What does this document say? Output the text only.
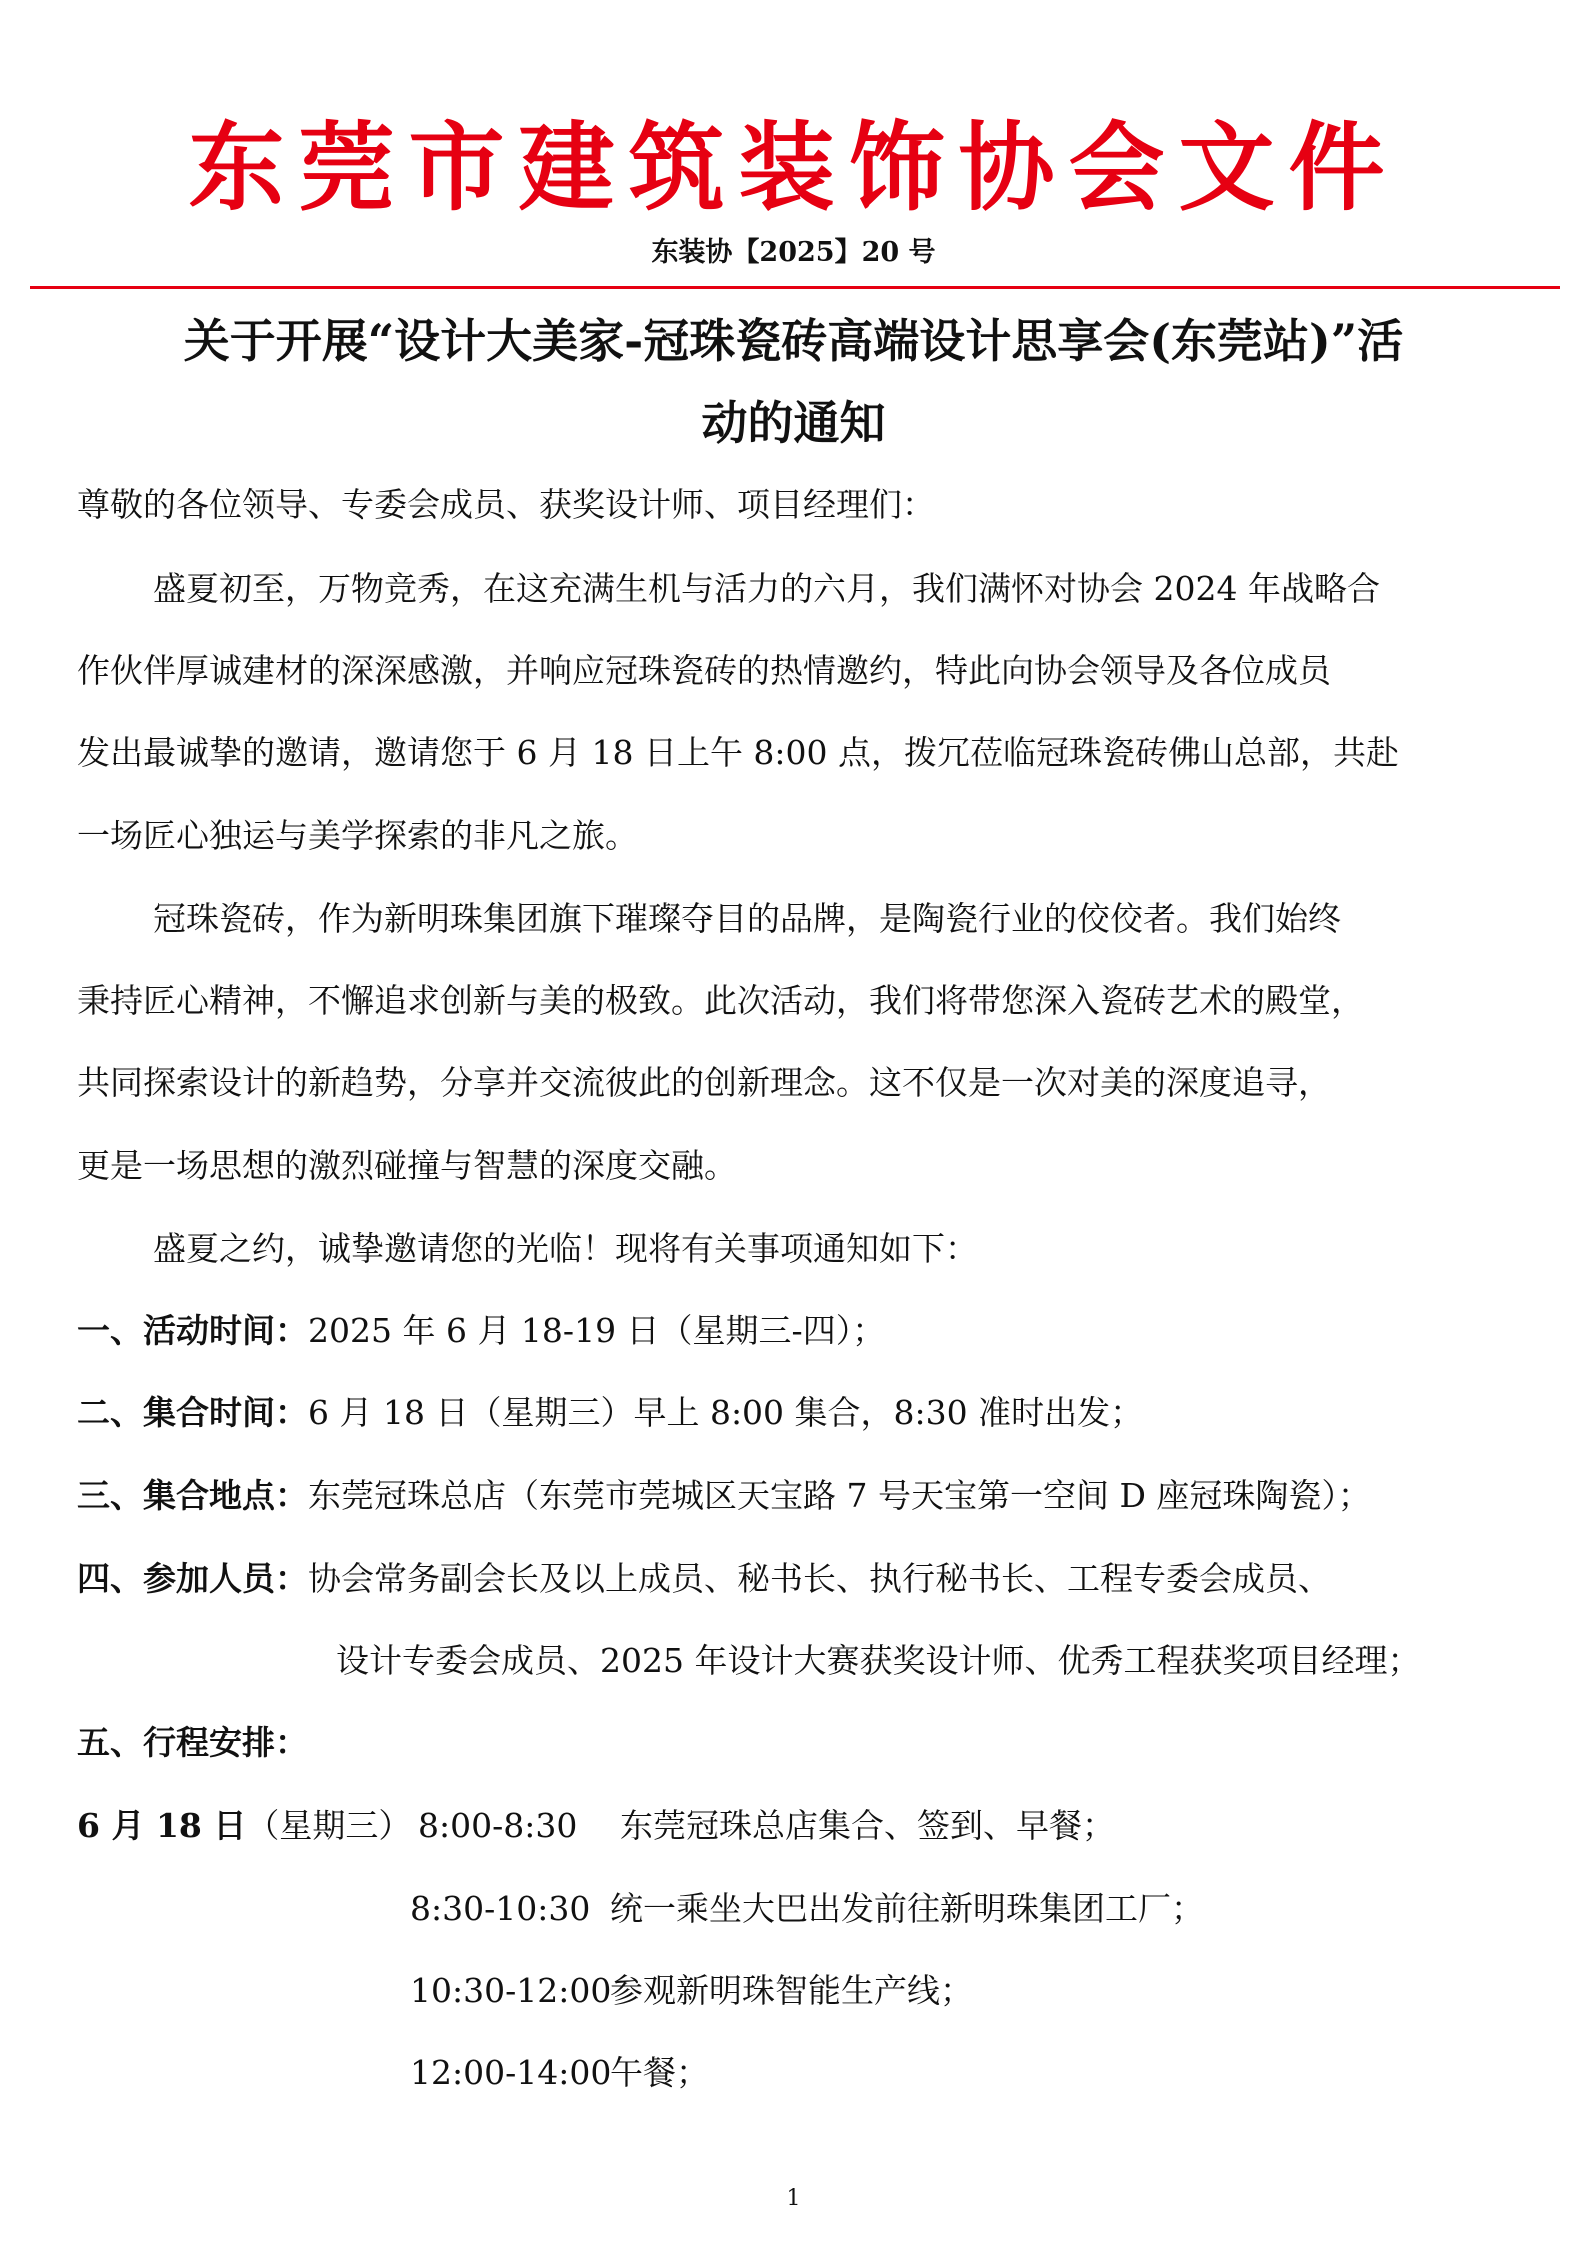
东莞市建筑装饰协会文件
东装协【2025】20 号
关于开展“设计大美家-冠珠瓷砖高端设计思享会(东莞站)”活
动的通知
尊敬的各位领导、专委会成员、获奖设计师、项目经理们：
盛夏初至，万物竞秀，在这充满生机与活力的六月，我们满怀对协会 2024 年战略合
作伙伴厚诚建材的深深感激，并响应冠珠瓷砖的热情邀约，特此向协会领导及各位成员
发出最诚挚的邀请，邀请您于 6 月 18 日上午 8:00 点，拨冗莅临冠珠瓷砖佛山总部，共赴
一场匠心独运与美学探索的非凡之旅。
冠珠瓷砖，作为新明珠集团旗下璀璨夺目的品牌，是陶瓷行业的佼佼者。我们始终
秉持匠心精神，不懈追求创新与美的极致。此次活动，我们将带您深入瓷砖艺术的殿堂，
共同探索设计的新趋势，分享并交流彼此的创新理念。这不仅是一次对美的深度追寻，
更是一场思想的激烈碰撞与智慧的深度交融。
盛夏之约，诚挚邀请您的光临！现将有关事项通知如下：
一、活动时间：2025 年 6 月 18-19 日（星期三-四）；
二、集合时间：6 月 18 日（星期三）早上 8:00 集合，8:30 准时出发；
三、集合地点：东莞冠珠总店（东莞市莞城区天宝路 7 号天宝第一空间 D 座冠珠陶瓷）；
四、参加人员：协会常务副会长及以上成员、秘书长、执行秘书长、工程专委会成员、
设计专委会成员、2025 年设计大赛获奖设计师、优秀工程获奖项目经理；
五、行程安排：
6 月 18 日（星期三） 8:00-8:30 东莞冠珠总店集合、签到、早餐；
8:30-10:30 统一乘坐大巴出发前往新明珠集团工厂；
10:30-12:00
参观新明珠智能生产线；
12:00-14:00
午餐；
1
